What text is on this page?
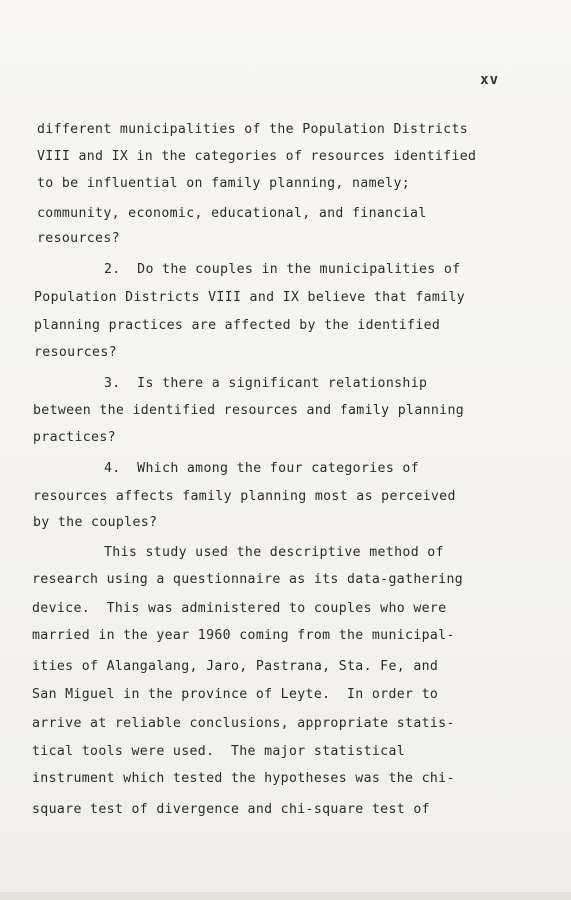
xv
different municipalities of the Population Districts
VIII and IX in the categories of resources identified
to be influential on family planning, namely;
community, economic, educational, and financial
resources?
2.  Do the couples in the municipalities of
Population Districts VIII and IX believe that family
planning practices are affected by the identified
resources?
3.  Is there a significant relationship
between the identified resources and family planning
practices?
4.  Which among the four categories of
resources affects family planning most as perceived
by the couples?
This study used the descriptive method of
research using a questionnaire as its data-gathering
device.  This was administered to couples who were
married in the year 1960 coming from the municipal-
ities of Alangalang, Jaro, Pastrana, Sta. Fe, and
San Miguel in the province of Leyte.  In order to
arrive at reliable conclusions, appropriate statis-
tical tools were used.  The major statistical
instrument which tested the hypotheses was the chi-
square test of divergence and chi-square test of
